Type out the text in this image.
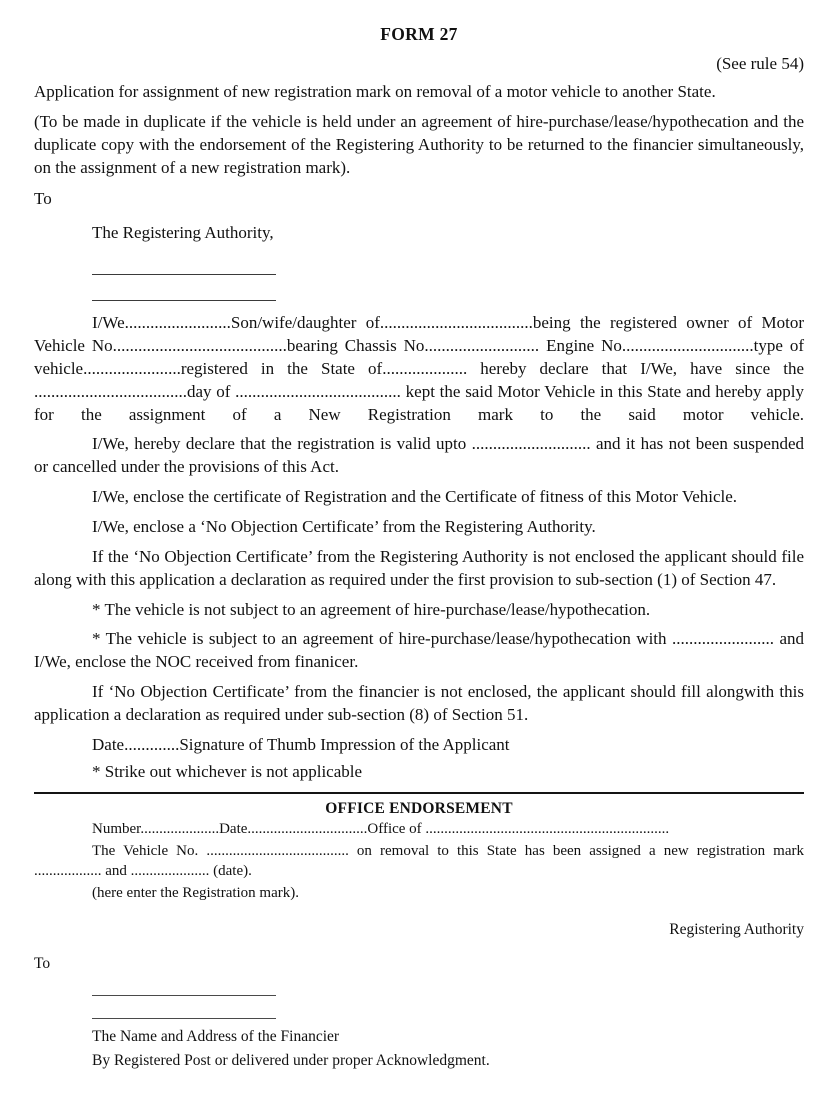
FORM 27
(See rule 54)

Application for assignment of new registration mark on removal of a motor vehicle to another State.

(To be made in duplicate if the vehicle is held under an agreement of hire-purchase/lease/hypothecation and the duplicate copy with the endorsement of the Registering Authority to be returned to the financier simultaneously, on the assignment of a new registration mark).

To
The Registering Authority,

I/We.........................Son/wife/daughter of....................................being the registered owner of Motor Vehicle No.........................................bearing Chassis No........................... Engine No...............................type of vehicle.......................registered in the State of.................... hereby declare that I/We, have since the ....................................day of ....................................... kept the said Motor Vehicle in this State and hereby apply for the assignment of a New Registration mark to the said motor vehicle.

I/We, hereby declare that the registration is valid upto ............................ and it has not been suspended or cancelled under the provisions of this Act.

I/We, enclose the certificate of Registration and the Certificate of fitness of this Motor Vehicle.

I/We, enclose a ‘No Objection Certificate’ from the Registering Authority.

If the ‘No Objection Certificate’ from the Registering Authority is not enclosed the applicant should file along with this application a declaration as required under the first provision to sub-section (1) of Section 47.

* The vehicle is not subject to an agreement of hire-purchase/lease/hypothecation.

* The vehicle is subject to an agreement of hire-purchase/lease/hypothecation with ........................ and I/We, enclose the NOC received from finanicer.

If ‘No Objection Certificate’ from the financier is not enclosed, the applicant should fill alongwith this application a declaration as required under sub-section (8) of Section 51.

Date.............Signature of Thumb Impression of the Applicant

* Strike out whichever is not applicable

OFFICE ENDORSEMENT
Number.....................Date................................Office of .................................................................

The Vehicle No. ...................................... on removal to this State has been assigned a new registration mark .................. and ..................... (date).

(here enter the Registration mark).
Registering Authority
To
The Name and Address of the Financier
By Registered Post or delivered under proper Acknowledgment.
